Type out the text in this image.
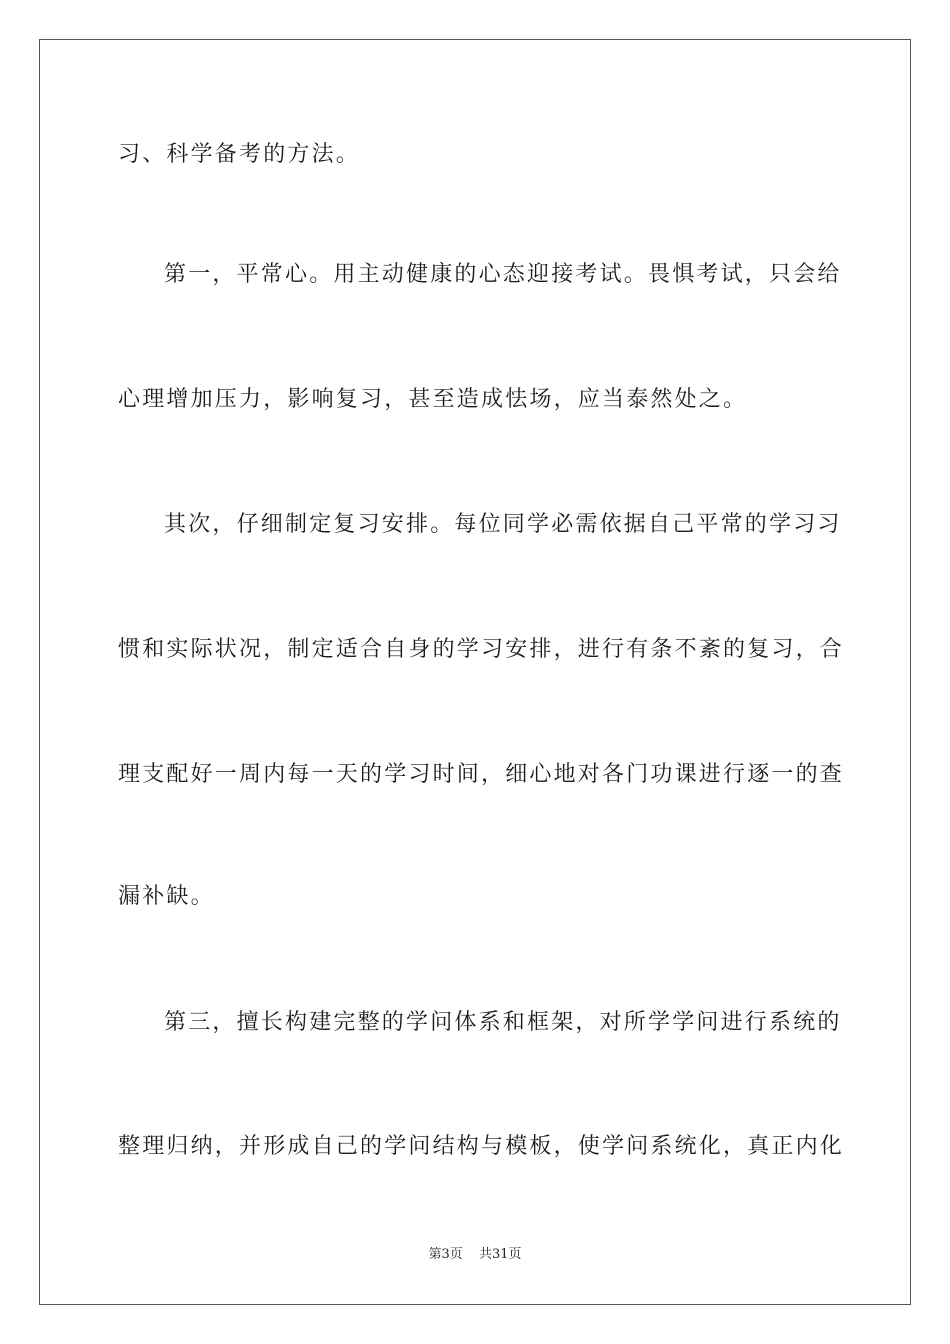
习、科学备考的方法。
第一，平常心。用主动健康的心态迎接考试。畏惧考试，只会给
心理增加压力，影响复习，甚至造成怯场，应当泰然处之。
其次，仔细制定复习安排。每位同学必需依据自己平常的学习习
惯和实际状况，制定适合自身的学习安排，进行有条不紊的复习，合
理支配好一周内每一天的学习时间，细心地对各门功课进行逐一的查
漏补缺。
第三，擅长构建完整的学问体系和框架，对所学学问进行系统的
整理归纳，并形成自己的学问结构与模板，使学问系统化，真正内化
第3页 共31页
